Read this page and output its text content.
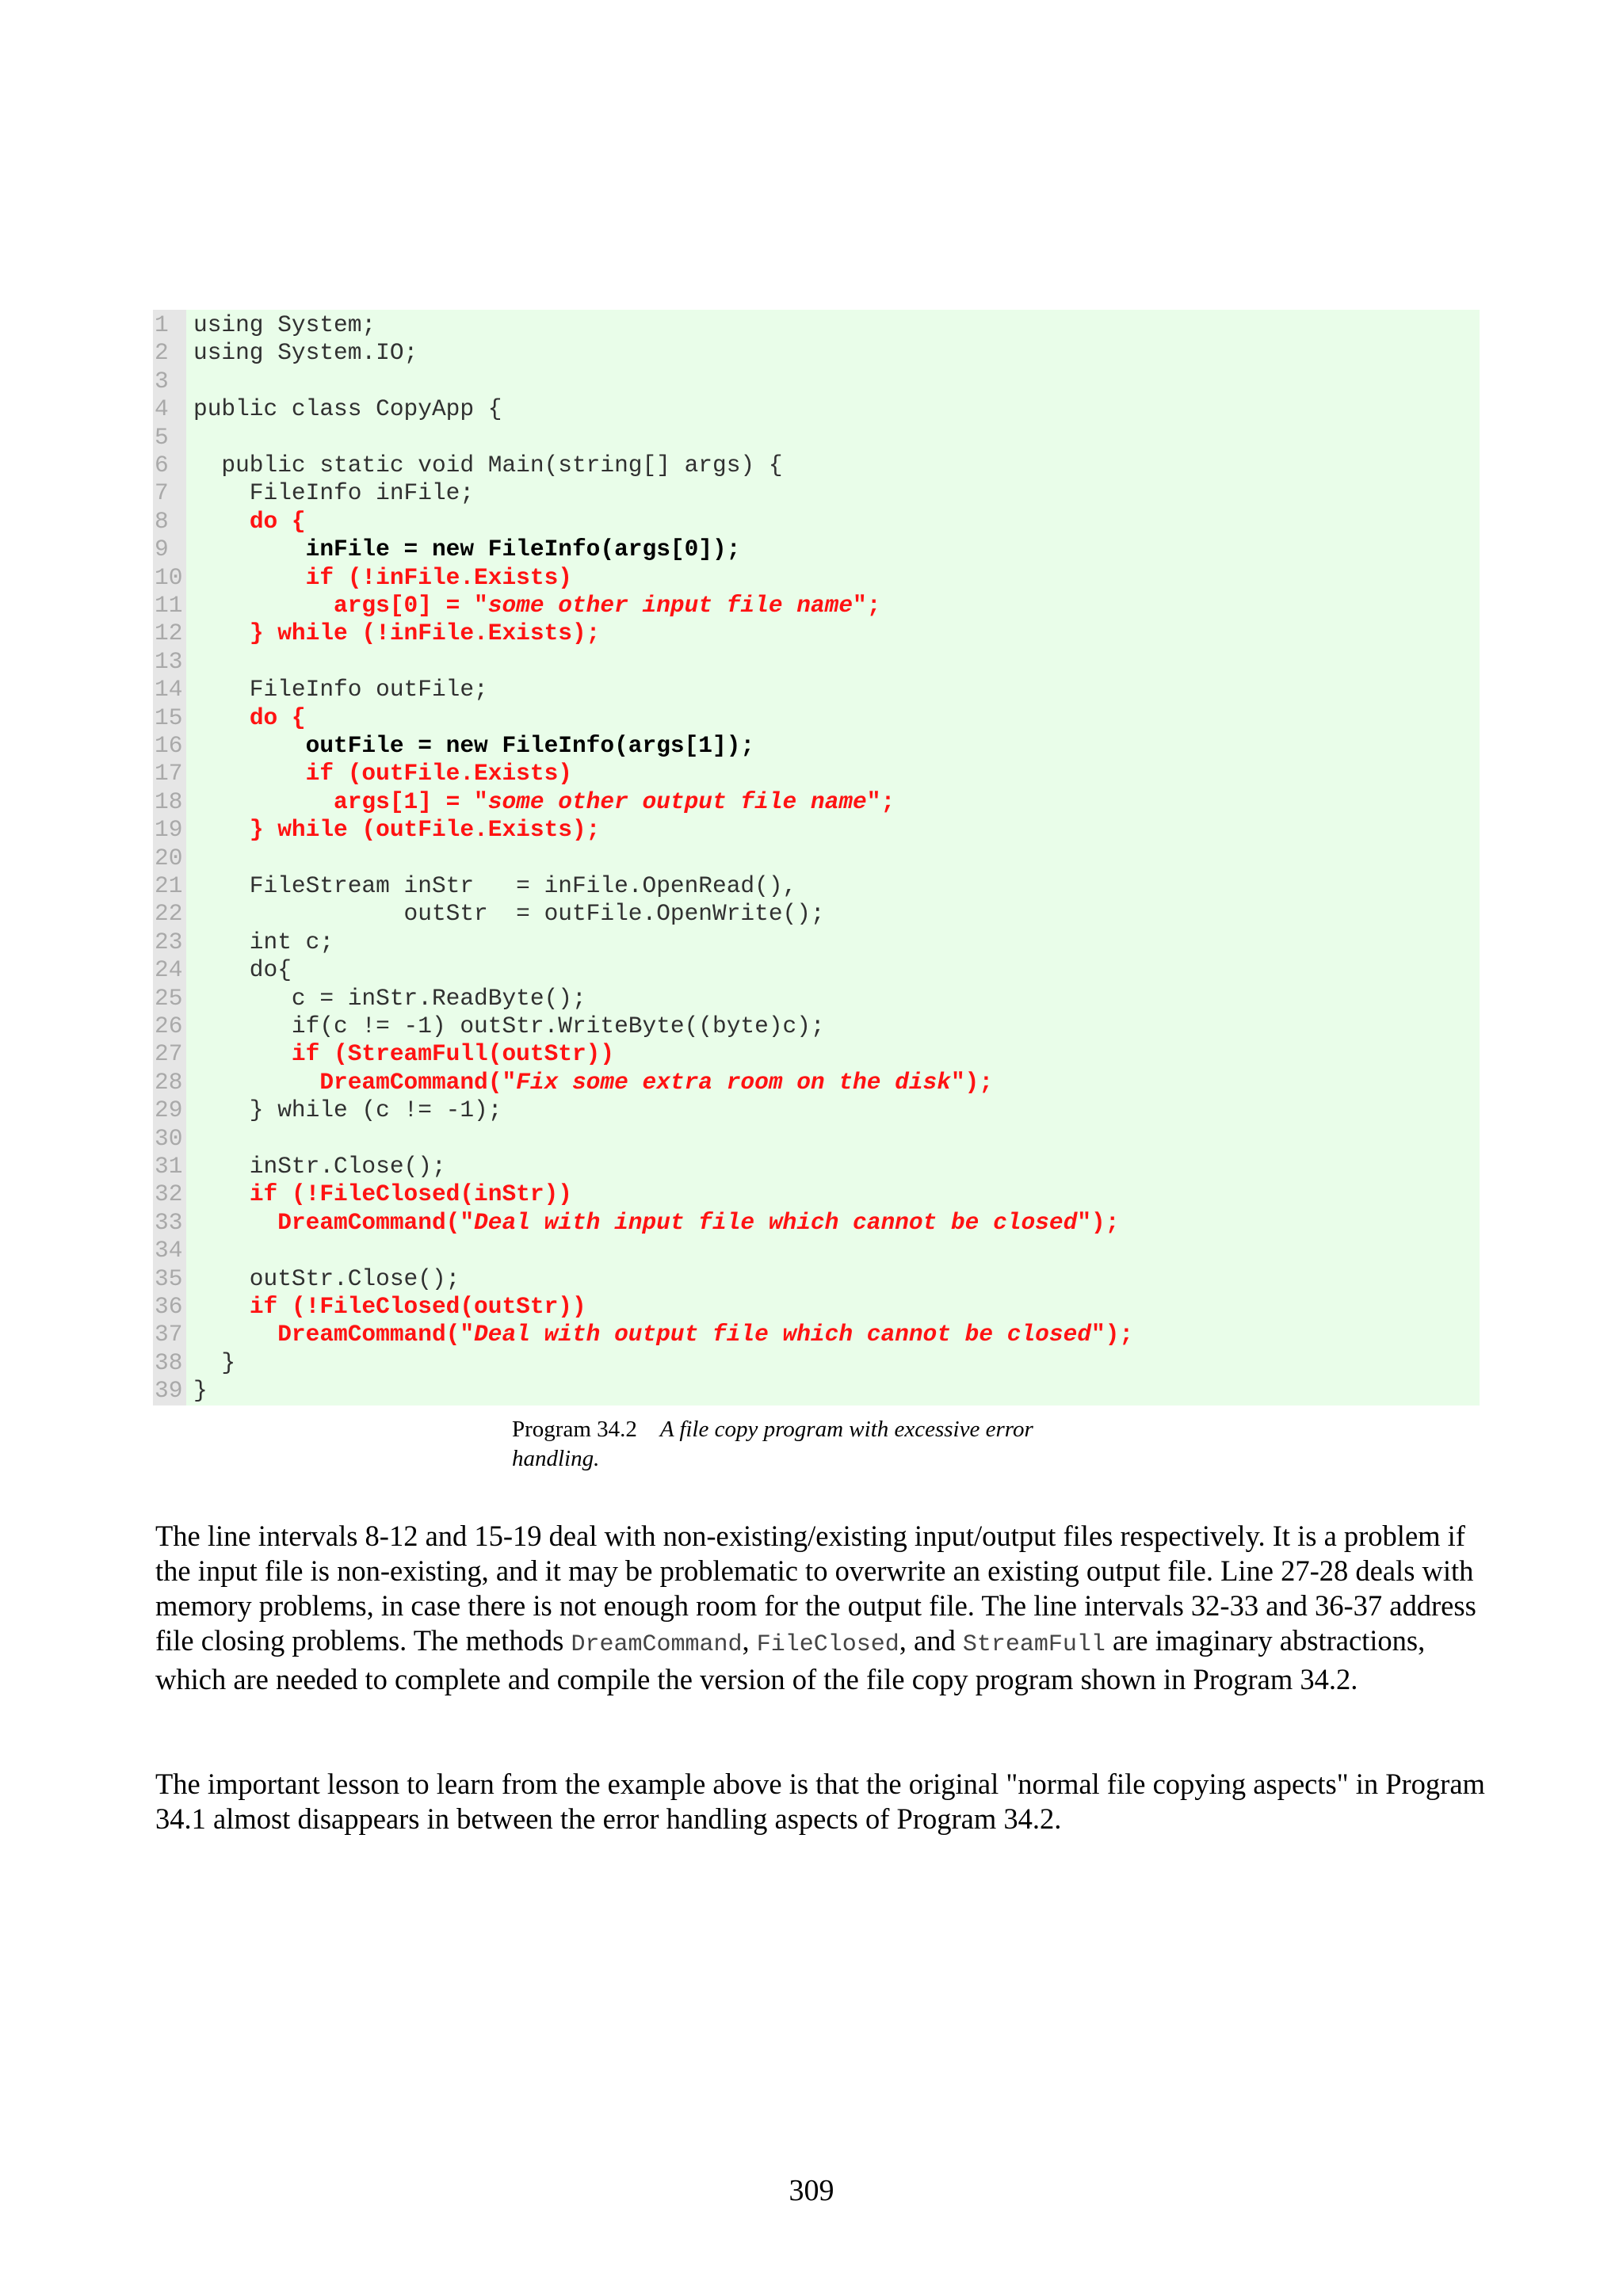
1	using System;
2	using System.IO;
3
4	public class CopyApp {
5
6	public static void Main(string[] args) {
7	FileInfo inFile;
8	do {
9	inFile = new FileInfo(args[0]);
10	if (!inFile.Exists)
11	args[0] = "some other input file name";
12	} while (!inFile.Exists);
13
14 FileInfo outFile;
15	do {
16	outFile = new FileInfo(args[1]);
17	if (outFile.Exists)
18	args[1] = "some other output file name";
19	} while (outFile.Exists);
20
21 FileStream inStr   = inFile.OpenRead(),
22 outStr  = outFile.OpenWrite();
23 int c;
24 do{
25 c = inStr.ReadByte();
26 if(c != -1) outStr.WriteByte((byte)c);
27	if (StreamFull(outStr))
28	DreamCommand("Fix some extra room on the disk");
29 } while (c != -1);
30
31 inStr.Close();
32	if (!FileClosed(inStr))
33	DreamCommand("Deal with input file which cannot be closed");
34
35 outStr.Close();
36	if (!FileClosed(outStr))
37	DreamCommand("Deal with output file which cannot be closed");
38 }
39 }
Program 34.2 A file copy program with excessive error handling.
The line intervals 8-12 and 15-19 deal with non-existing/existing input/output files respectively. It is a problem if the input file is non-existing, and it may be problematic to overwrite an existing output file. Line 27-28 deals with memory problems, in case there is not enough room for the output file. The line intervals 32-33 and 36-37 address file closing problems. The methods DreamCommand, FileClosed, and StreamFull are imaginary abstractions, which are needed to complete and compile the version of the file copy program shown in Program 34.2.
The important lesson to learn from the example above is that the original "normal file copying aspects" in Program 34.1 almost disappears in between the error handling aspects of Program 34.2.
309
